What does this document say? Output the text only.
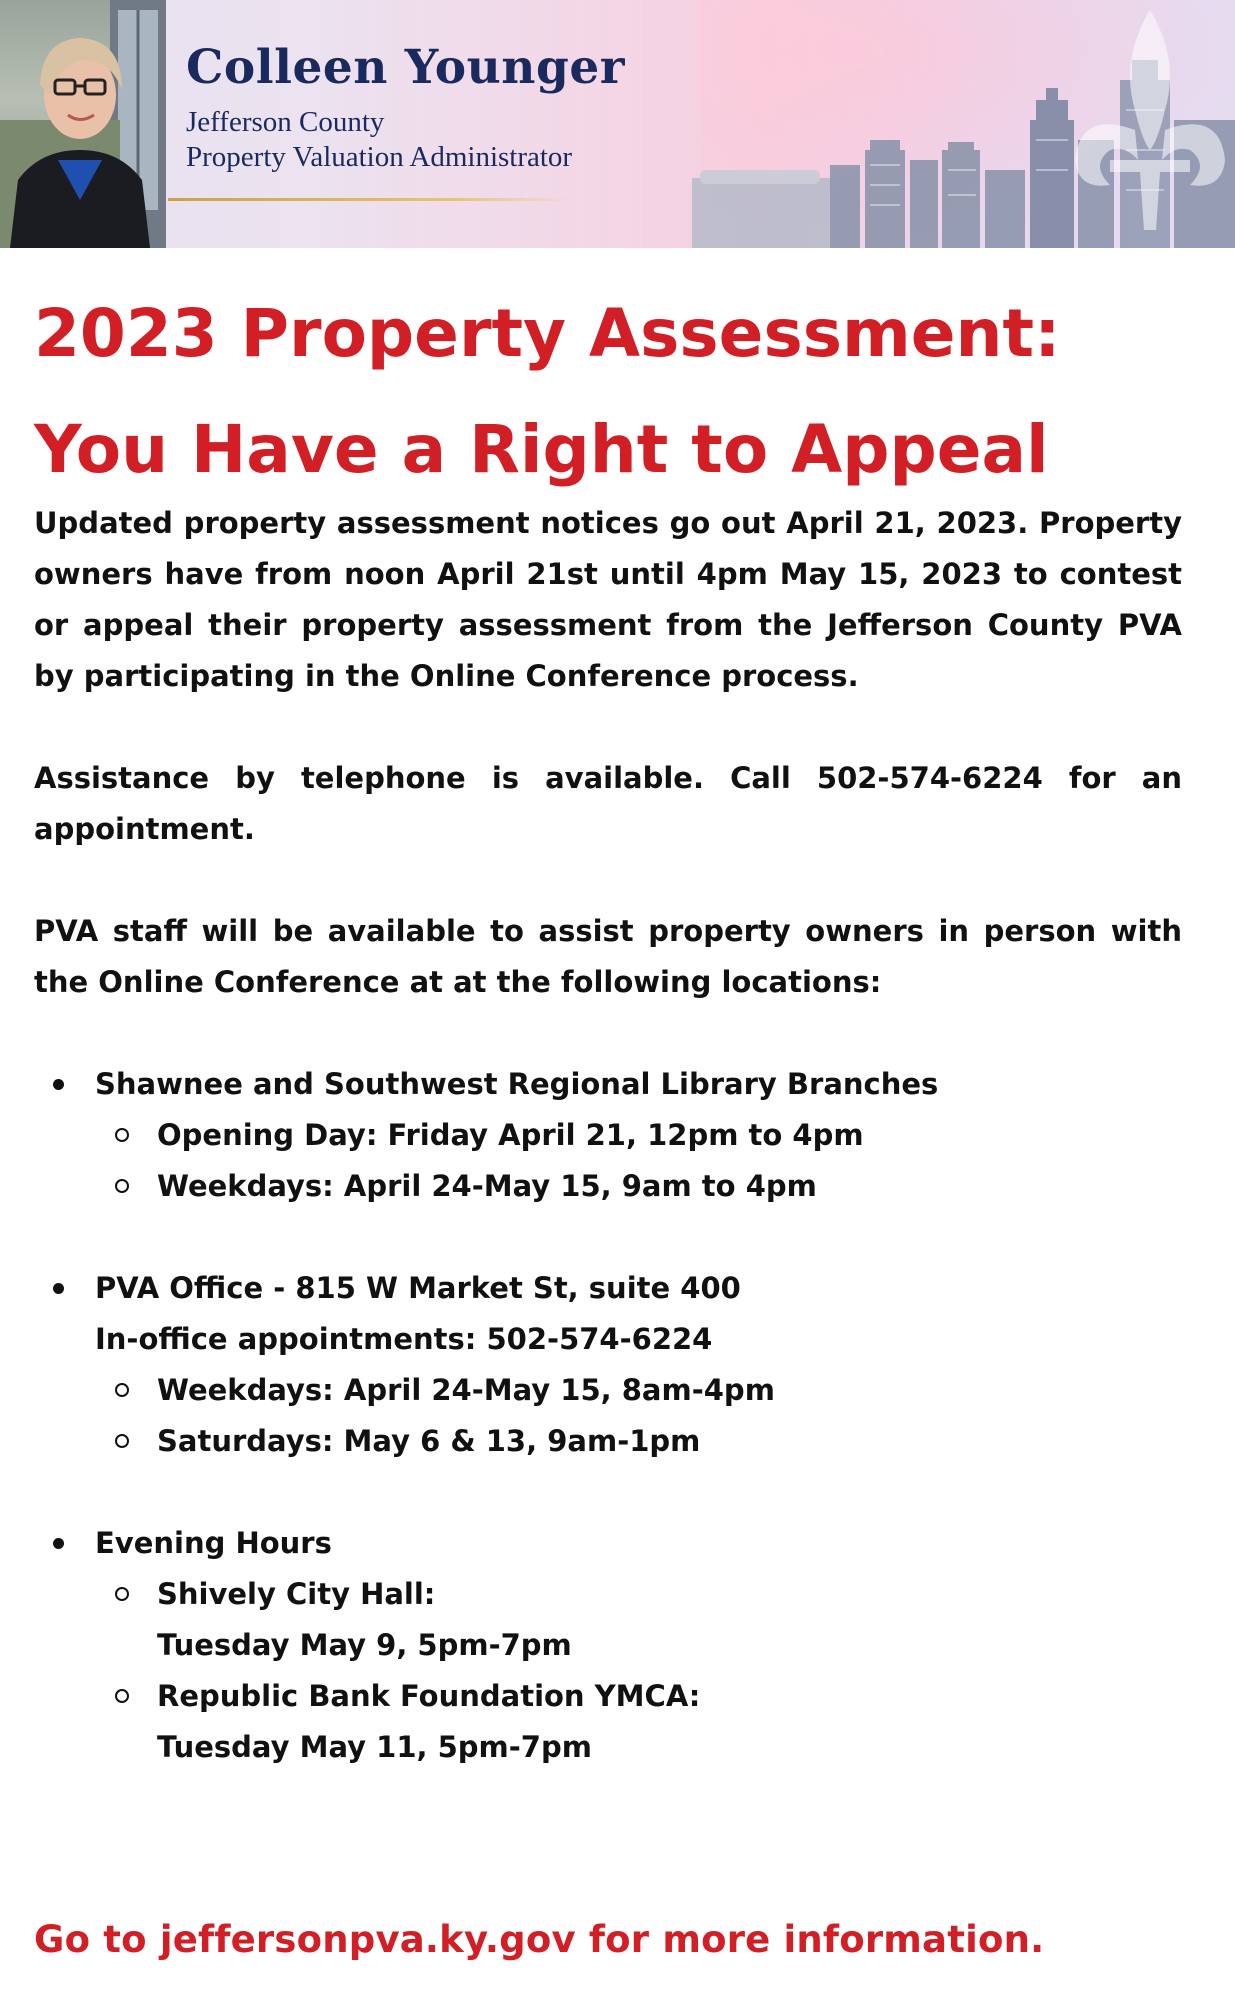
Colleen Younger

Jefferson County

Property Valuation Administrator

2023 Property Assessment:
You Have a Right to Appeal

Updated property assessment notices go out April 21, 2023. Property owners have from noon April 21st until 4pm May 15, 2023 to contest or appeal their property assessment from the Jefferson County PVA by participating in the Online Conference process.

Assistance by telephone is available. Call 502-574-6224 for an appointment.

PVA staff will be available to assist property owners in person with the Online Conference at at the following locations:

Shawnee and Southwest Regional Library Branches
Opening Day: Friday April 21, 12pm to 4pm
Weekdays: April 24-May 15, 9am to 4pm
PVA Office - 815 W Market St, suite 400
In-office appointments: 502-574-6224
Weekdays: April 24-May 15, 8am-4pm
Saturdays: May 6 & 13, 9am-1pm
Evening Hours
Shively City Hall:
Tuesday May 9, 5pm-7pm
Republic Bank Foundation YMCA:
Tuesday May 11, 5pm-7pm

Go to jeffersonpva.ky.gov for more information.
